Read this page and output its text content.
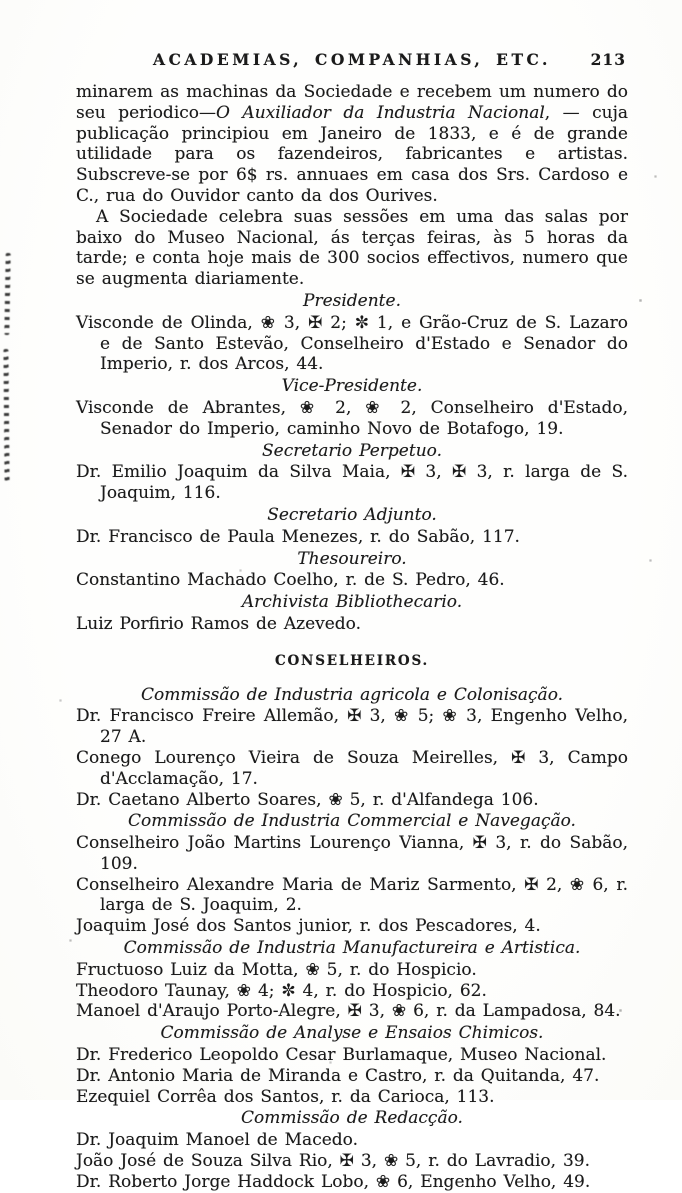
ACADEMIAS, COMPANHIAS, ETC.	213

minarem as machinas da Sociedade e recebem um numero do seu periodico—O Auxiliador da Industria Nacional, — cuja publicação principiou em Janeiro de 1833, e é de grande utilidade para os fazendeiros, fabricantes e artistas. Subscreve-se por 6$ rs. annuaes em casa dos Srs. Cardoso e C., rua do Ouvidor canto da dos Ourives.

A Sociedade celebra suas sessões em uma das salas por baixo do Museo Nacional, ás terças feiras, às 5 horas da tarde; e conta hoje mais de 300 socios effectivos, numero que se augmenta diariamente.

Presidente.

Visconde de Olinda, ❀ 3, ✠ 2; ✼ 1, e Grão-Cruz de S. Lazaro e de Santo Estevão, Conselheiro d'Estado e Senador do Imperio, r. dos Arcos, 44.

Vice-Presidente.

Visconde de Abrantes, ❀ 2, ❀ 2, Conselheiro d'Estado, Senador do Imperio, caminho Novo de Botafogo, 19.

Secretario Perpetuo.

Dr. Emilio Joaquim da Silva Maia, ✠ 3, ✠ 3, r. larga de S. Joaquim, 116.

Secretario Adjunto.

Dr. Francisco de Paula Menezes, r. do Sabão, 117.

Thesoureiro.

Constantino Machado Coelho, r. de S. Pedro, 46.

Archivista Bibliothecario.

Luiz Porfirio Ramos de Azevedo.

CONSELHEIROS.
Commissão de Industria agricola e Colonisação.

Dr. Francisco Freire Allemão, ✠ 3, ❀ 5; ❀ 3, Engenho Velho, 27 A.

Conego Lourenço Vieira de Souza Meirelles, ✠ 3, Campo d'Acclamação, 17.

Dr. Caetano Alberto Soares, ❀ 5, r. d'Alfandega 106.

Commissão de Industria Commercial e Navegação.

Conselheiro João Martins Lourenço Vianna, ✠ 3, r. do Sabão, 109.

Conselheiro Alexandre Maria de Mariz Sarmento, ✠ 2, ❀ 6, r. larga de S. Joaquim, 2.

Joaquim José dos Santos junior, r. dos Pescadores, 4.

Commissão de Industria Manufactureira e Artistica.

Fructuoso Luiz da Motta, ❀ 5, r. do Hospicio.

Theodoro Taunay, ❀ 4; ✼ 4, r. do Hospicio, 62.

Manoel d'Araujo Porto-Alegre, ✠ 3, ❀ 6, r. da Lampadosa, 84.

Commissão de Analyse e Ensaios Chimicos.

Dr. Frederico Leopoldo Cesar Burlamaque, Museo Nacional.

Dr. Antonio Maria de Miranda e Castro, r. da Quitanda, 47.

Ezequiel Corrêa dos Santos, r. da Carioca, 113.

Commissão de Redacção.

Dr. Joaquim Manoel de Macedo.

João José de Souza Silva Rio, ✠ 3, ❀ 5, r. do Lavradio, 39.

Dr. Roberto Jorge Haddock Lobo, ❀ 6, Engenho Velho, 49.
